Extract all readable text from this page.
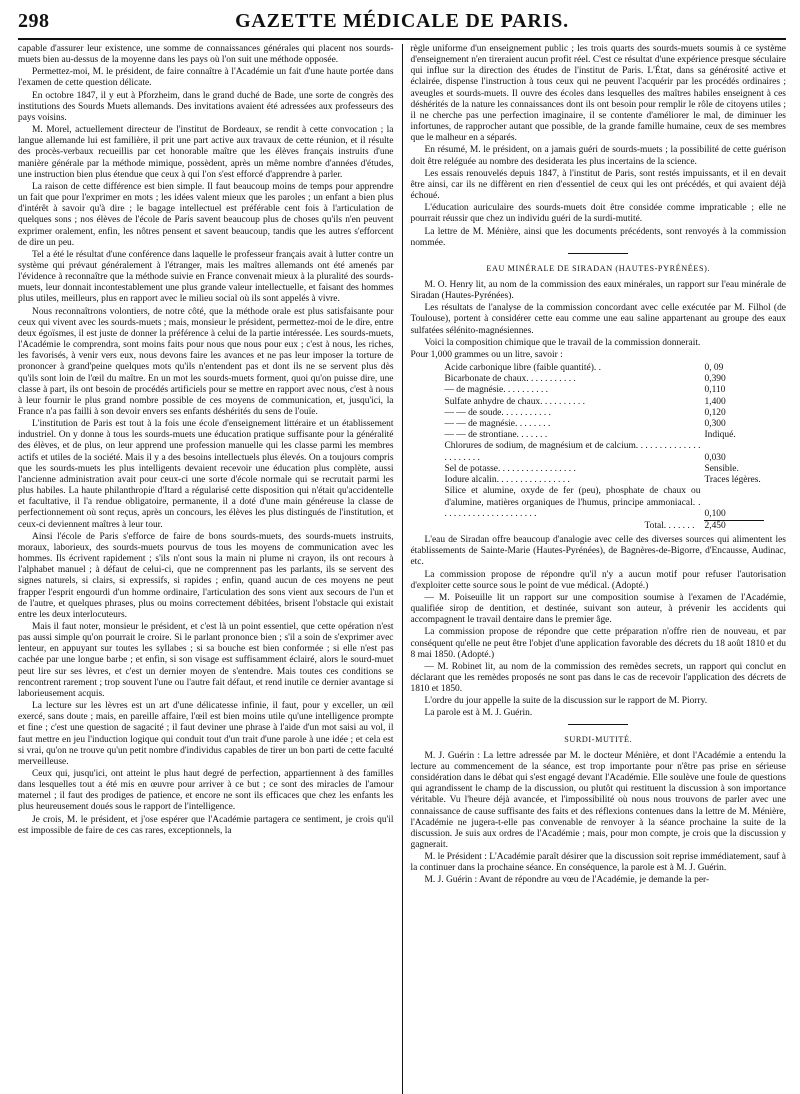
298	GAZETTE MÉDICALE DE PARIS.

capable d'assurer leur existence, une somme de connaissances générales qui placent nos sourds-muets bien au-dessus de la moyenne dans les pays où l'on suit une méthode opposée.

Permettez-moi, M. le président, de faire connaître à l'Académie un fait d'une haute portée dans l'examen de cette question délicate.

En octobre 1847, il y eut à Pforzheim, dans le grand duché de Bade, une sorte de congrès des institutions des Sourds Muets allemands. Des invitations avaient été adressées aux professeurs des pays voisins.

M. Morel, actuellement directeur de l'institut de Bordeaux, se rendit à cette convocation ; la langue allemande lui est familière, il prit une part active aux travaux de cette réunion, et il résulte des procès-verbaux recueillis par cet honorable maître que les élèves français instruits d'une manière générale par la méthode mimique, possèdent, après un même nombre d'années d'études, une instruction bien plus étendue que ceux à qui l'on s'est efforcé d'apprendre à parler.

La raison de cette différence est bien simple. Il faut beaucoup moins de temps pour apprendre un fait que pour l'exprimer en mots ; les idées valent mieux que les paroles ; un enfant a bien plus d'intérêt à savoir qu'à dire ; le bagage intellectuel est préférable cent fois à l'articulation de quelques sons ; nos élèves de l'école de Paris savent beaucoup plus de choses qu'ils n'en peuvent exprimer oralement, enfin, les nôtres pensent et savent beaucoup, tandis que les autres s'efforcent de dire un peu.

Tel a été le résultat d'une conférence dans laquelle le professeur français avait à lutter contre un système qui prévaut généralement à l'étranger, mais les maîtres allemands ont été amenés par l'évidence à reconnaître que la méthode suivie en France convenait mieux à la pluralité des sourds-muets, leur donnait incontestablement une plus grande valeur intellectuelle, et faisant des hommes plus utiles, meilleurs, plus en rapport avec le milieu social où ils sont appelés à vivre.

Nous reconnaîtrons volontiers, de notre côté, que la méthode orale est plus satisfaisante pour ceux qui vivent avec les sourds-muets ; mais, monsieur le président, permettez-moi de le dire, entre deux égoïsmes, il est juste de donner la préférence à celui de la partie intéressée. Les sourds-muets, l'Académie le comprendra, sont moins faits pour nous que nous pour eux ; c'est à nous, les riches, les favorisés, à venir vers eux, nous devons faire les avances et ne pas leur imposer la torture de prononcer à grand'peine quelques mots qu'ils n'entendent pas et dont ils ne se servent plus dès qu'ils sont loin de l'œil du maître. En un mot les sourds-muets forment, quoi qu'on puisse dire, une classe à part, ils ont besoin de procédés artificiels pour se mettre en rapport avec nous, c'est à nous à leur fournir le plus grand nombre possible de ces moyens de communication, et, jusqu'ici, la France n'a pas failli à son devoir envers ses enfants déshérités du sens de l'ouïe.

L'institution de Paris est tout à la fois une école d'enseignement littéraire et un établissement industriel. On y donne à tous les sourds-muets une éducation pratique suffisante pour la généralité des élèves, et de plus, on leur apprend une profession manuelle qui les classe parmi les membres actifs et utiles de la société. Mais il y a des besoins intellectuels plus élevés. On a toujours compris que les sourds-muets les plus intelligents devaient recevoir une éducation plus complète, aussi l'ancienne administration avait pour ceux-ci une sorte d'école normale qui se recrutait parmi les plus habiles. La haute philanthropie d'Itard a régularisé cette disposition qui n'était qu'accidentelle et facultative, il l'a rendue obligatoire, permanente, il a doté d'une main généreuse la classe de perfectionnement où sont reçus, après un concours, les élèves les plus distingués de l'institution, et ceux-ci deviennent maîtres à leur tour.

Ainsi l'école de Paris s'efforce de faire de bons sourds-muets, des sourds-muets instruits, moraux, laborieux, des sourds-muets pourvus de tous les moyens de communication avec les hommes. Ils écrivent rapidement ; s'ils n'ont sous la main ni plume ni crayon, ils ont recours à l'alphabet manuel ; à défaut de celui-ci, que ne comprennent pas les parlants, ils se servent des signes naturels, si clairs, si expressifs, si rapides ; enfin, quand aucun de ces moyens ne peut frapper l'esprit engourdi d'un homme ordinaire, l'articulation des sons vient aux secours de l'un et de l'autre, et quelques phrases, plus ou moins correctement débitées, brisent l'obstacle qui existait entre les deux interlocuteurs.

Mais il faut noter, monsieur le président, et c'est là un point essentiel, que cette opération n'est pas aussi simple qu'on pourrait le croire. Si le parlant prononce bien ; s'il a soin de s'exprimer avec lenteur, en appuyant sur toutes les syllabes ; si sa bouche est bien conformée ; si elle n'est pas cachée par une longue barbe ; et enfin, si son visage est suffisamment éclairé, alors le sourd-muet peut lire sur ses lèvres, et c'est un dernier moyen de s'entendre. Mais toutes ces conditions se rencontrent rarement ; trop souvent l'une ou l'autre fait défaut, et rend inutile ce dernier avantage si laborieusement acquis.

La lecture sur les lèvres est un art d'une délicatesse infinie, il faut, pour y exceller, un œil exercé, sans doute ; mais, en pareille affaire, l'œil est bien moins utile qu'une intelligence prompte et fine ; c'est une question de sagacité ; il faut deviner une phrase à l'aide d'un mot saisi au vol, il faut mettre en jeu l'induction logique qui conduit tout d'un trait d'une parole à une idée ; et cela est si vrai, qu'on ne trouve qu'un petit nombre d'individus capables de tirer un bon parti de cette faculté merveilleuse.

Ceux qui, jusqu'ici, ont atteint le plus haut degré de perfection, appartiennent à des familles dans lesquelles tout a été mis en œuvre pour arriver à ce but ; ce sont des miracles de l'amour maternel ; il faut des prodiges de patience, et encore ne sont ils efficaces que chez les enfants les plus heureusement doués sous le rapport de l'intelligence.

Je crois, M. le président, et j'ose espérer que l'Académie partagera ce sentiment, je crois qu'il est impossible de faire de ces cas rares, exceptionnels, la

règle uniforme d'un enseignement public ; les trois quarts des sourds-muets soumis à ce système d'enseignement n'en tireraient aucun profit réel. C'est ce résultat d'une expérience presque séculaire qui influe sur la direction des études de l'institut de Paris. L'État, dans sa générosité active et éclairée, dispense l'instruction à tous ceux qui ne peuvent l'acquérir par les procédés ordinaires ; aveugles et sourds-muets. Il ouvre des écoles dans lesquelles des maîtres habiles enseignent à ces déshérités de la nature les connaissances dont ils ont besoin pour remplir le rôle de citoyens utiles ; il ne cherche pas une perfection imaginaire, il se contente d'améliorer le mal, de diminuer les infortunes, de rapprocher autant que possible, de la grande famille humaine, ceux de ses membres que le malheur en a séparés.

En résumé, M. le président, on a jamais guéri de sourds-muets ; la possibilité de cette guérison doit être reléguée au nombre des desiderata les plus incertains de la science.

Les essais renouvelés depuis 1847, à l'institut de Paris, sont restés impuissants, et il en devait être ainsi, car ils ne diffèrent en rien d'essentiel de ceux qui les ont précédés, et qui avaient déjà échoué.

L'éducation auriculaire des sourds-muets doit être considée comme impraticable ; elle ne pourrait réussir que chez un individu guéri de la surdi-mutité.

La lettre de M. Ménière, ainsi que les documents précédents, sont renvoyés à la commission nommée.

EAU MINÉRALE DE SIRADAN (HAUTES-PYRÉNÉES).

M. O. Henry lit, au nom de la commission des eaux minérales, un rapport sur l'eau minérale de Siradan (Hautes-Pyrénées).

Les résultats de l'analyse de la commission concordant avec celle exécutée par M. Filhol (de Toulouse), portent à considérer cette eau comme une eau saline appartenant au groupe des eaux sulfatées sélénito-magnésiennes.

Voici la composition chimique que le travail de la commission donnerait.

Pour 1,000 grammes ou un litre, savoir :

Acide carbonique libre (faible quantité). .	0, 09
Bicarbonate de chaux. . . . . . . . . . .	0,390
— de magnésie. . . . . . . . . .	0,110
Sulfate anhydre de chaux. . . . . . . . . .	1,400
— — de soude. . . . . . . . . . .	0,120
— — de magnésie. . . . . . . .	0,300
— — de strontiane. . . . . . .	Indiqué.
Chlorures de sodium, de magnésium et de calcium. . . . . . . . . . . . . . . . . . . . . .	0,030
Sel de potasse. . . . . . . . . . . . . . . . .	Sensible.
Iodure alcalin. . . . . . . . . . . . . . . .	Traces légères.
Silice et alumine, oxyde de fer (peu), phosphate de chaux ou d'alumine, matières organiques de l'humus, principe ammoniacal. . . . . . . . . . . . . . . . . . . . . .	0,100
Total. . . . . . .	2,450

L'eau de Siradan offre beaucoup d'analogie avec celle des diverses sources qui alimentent les établissements de Sainte-Marie (Hautes-Pyrénées), de Bagnères-de-Bigorre, d'Encausse, Audinac, etc.

La commission propose de répondre qu'il n'y a aucun motif pour refuser l'autorisation d'exploiter cette source sous le point de vue médical. (Adopté.)

— M. Poiseuille lit un rapport sur une composition soumise à l'examen de l'Académie, qualifiée sirop de dentition, et destinée, suivant son auteur, à prévenir les accidents qui accompagnent le travail dentaire dans le premier âge.

La commission propose de répondre que cette préparation n'offre rien de nouveau, et par conséquent qu'elle ne peut être l'objet d'une application favorable des décrets du 18 août 1810 et du 8 mai 1850. (Adopté.)

— M. Robinet lit, au nom de la commission des remèdes secrets, un rapport qui conclut en déclarant que les remèdes proposés ne sont pas dans le cas de recevoir l'application des décrets de 1810 et 1850.

L'ordre du jour appelle la suite de la discussion sur le rapport de M. Piorry.

La parole est à M. J. Guérin.

SURDI-MUTITÉ.

M. J. Guérin : La lettre adressée par M. le docteur Ménière, et dont l'Académie a entendu la lecture au commencement de la séance, est trop importante pour n'être pas prise en sérieuse considération dans le débat qui s'est engagé devant l'Académie. Elle soulève une foule de questions qui agrandissent le champ de la discussion, ou plutôt qui restituent la discussion à son importance véritable. Vu l'heure déjà avancée, et l'impossibilité où nous nous trouvons de parler avec une connaissance de cause suffisante des faits et des réflexions contenues dans la lettre de M. Ménière, l'Académie ne jugera-t-elle pas convenable de renvoyer à la séance prochaine la suite de la discussion. Je suis aux ordres de l'Académie ; mais, pour mon compte, je crois que la discussion y gagnerait.

M. le Président : L'Académie paraît désirer que la discussion soit reprise immédiatement, sauf à la continuer dans la prochaine séance. En conséquence, la parole est à M. J. Guérin.

M. J. Guérin : Avant de répondre au vœu de l'Académie, je demande la per-
